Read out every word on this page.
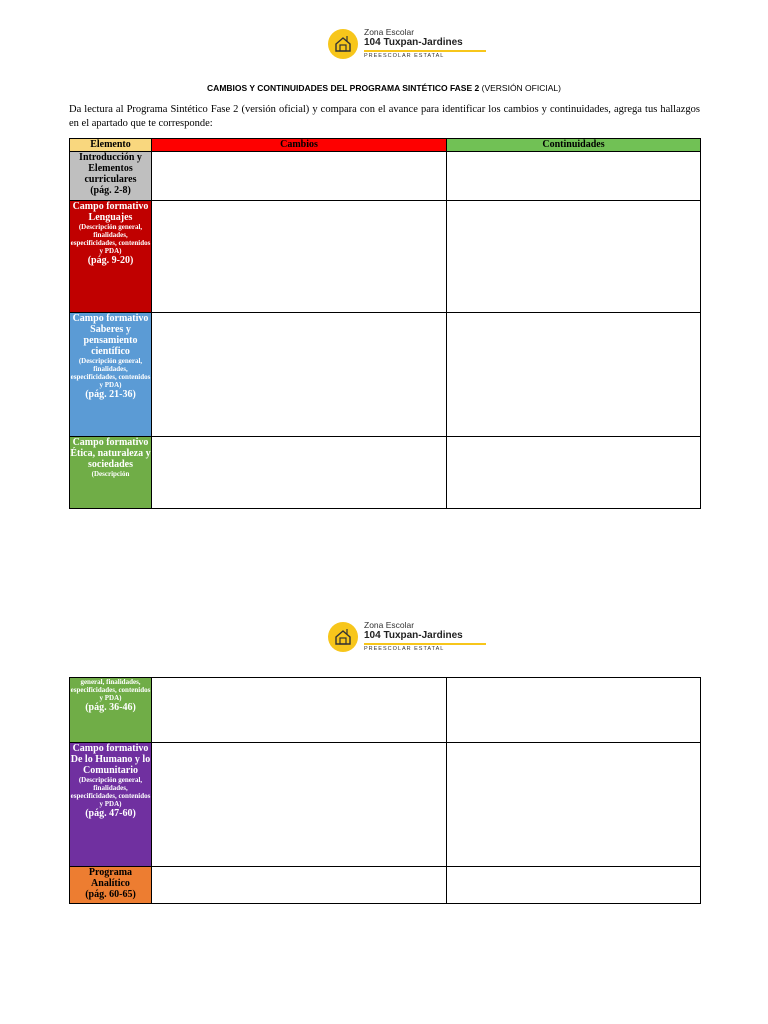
Zona Escolar
104 Tuxpan-Jardines
PREESCOLAR ESTATAL
CAMBIOS Y CONTINUIDADES DEL PROGRAMA SINTÉTICO FASE 2 (VERSIÓN OFICIAL)
Da lectura al Programa Sintético Fase 2 (versión oficial) y compara con el avance para identificar los cambios y continuidades, agrega tus hallazgos en el apartado que te corresponde:
Elemento	Cambios	Continuidades

Introducción y Elementos curriculares
(pág. 2-8)		

Campo formativo Lenguajes
(Descripción general, finalidades, especificidades, contenidos y PDA)
(pág. 9-20)		

Campo formativo Saberes y pensamiento científico
(Descripción general, finalidades, especificidades, contenidos y PDA)
(pág. 21-36)		

Campo formativo Ética, naturaleza y sociedades
(Descripción		

Zona Escolar
104 Tuxpan-Jardines
PREESCOLAR ESTATAL
general, finalidades, especificidades, contenidos y PDA)
(pág. 36-46)		

Campo formativo De lo Humano y lo Comunitario
(Descripción general, finalidades, especificidades, contenidos y PDA)
(pág. 47-60)		

Programa Analítico
(pág. 60-65)		
